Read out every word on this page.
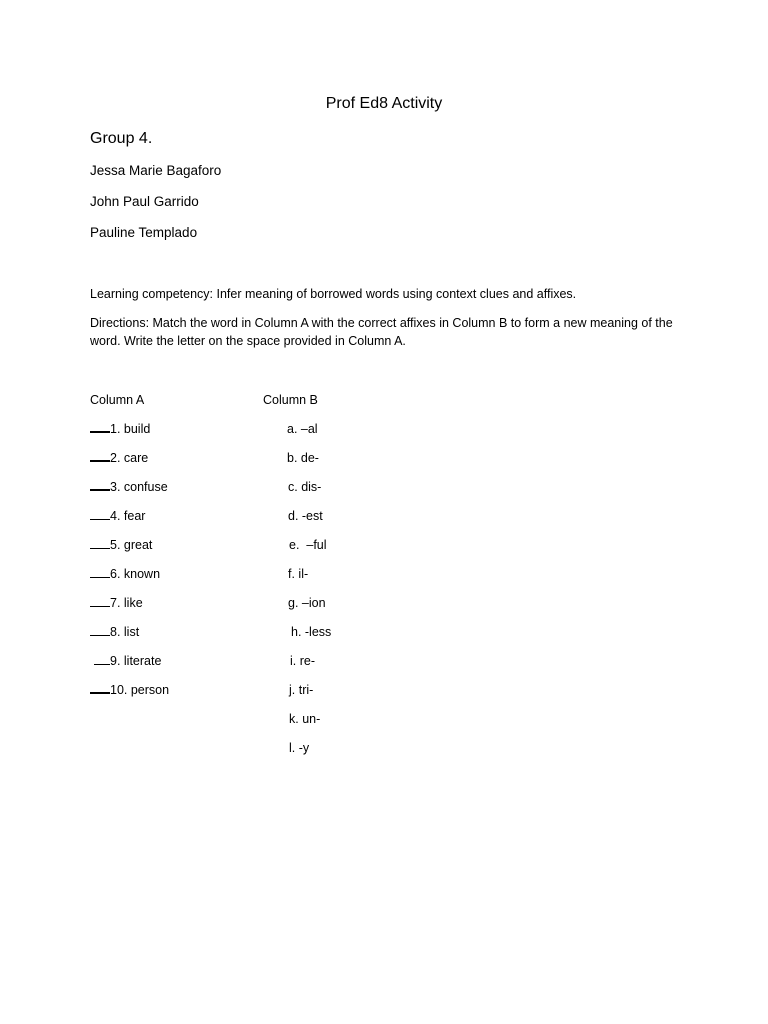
Prof Ed8 Activity
Group 4.
Jessa Marie Bagaforo
John Paul Garrido
Pauline Templado
Learning competency: Infer meaning of borrowed words using context clues and affixes.
Directions: Match the word in Column A with the correct affixes in Column B to form a new meaning of the word. Write the letter on the space provided in Column A.
Column A	Column B
1. build
2. care
3. confuse
4. fear
5. great
6. known
7. like
8. list
9. literate
10. person
a. –al
b. de-
c. dis-
d. -est
e.  –ful
f. il-
g. –ion
h. -less
i. re-
j. tri-
k. un-
l. -y
